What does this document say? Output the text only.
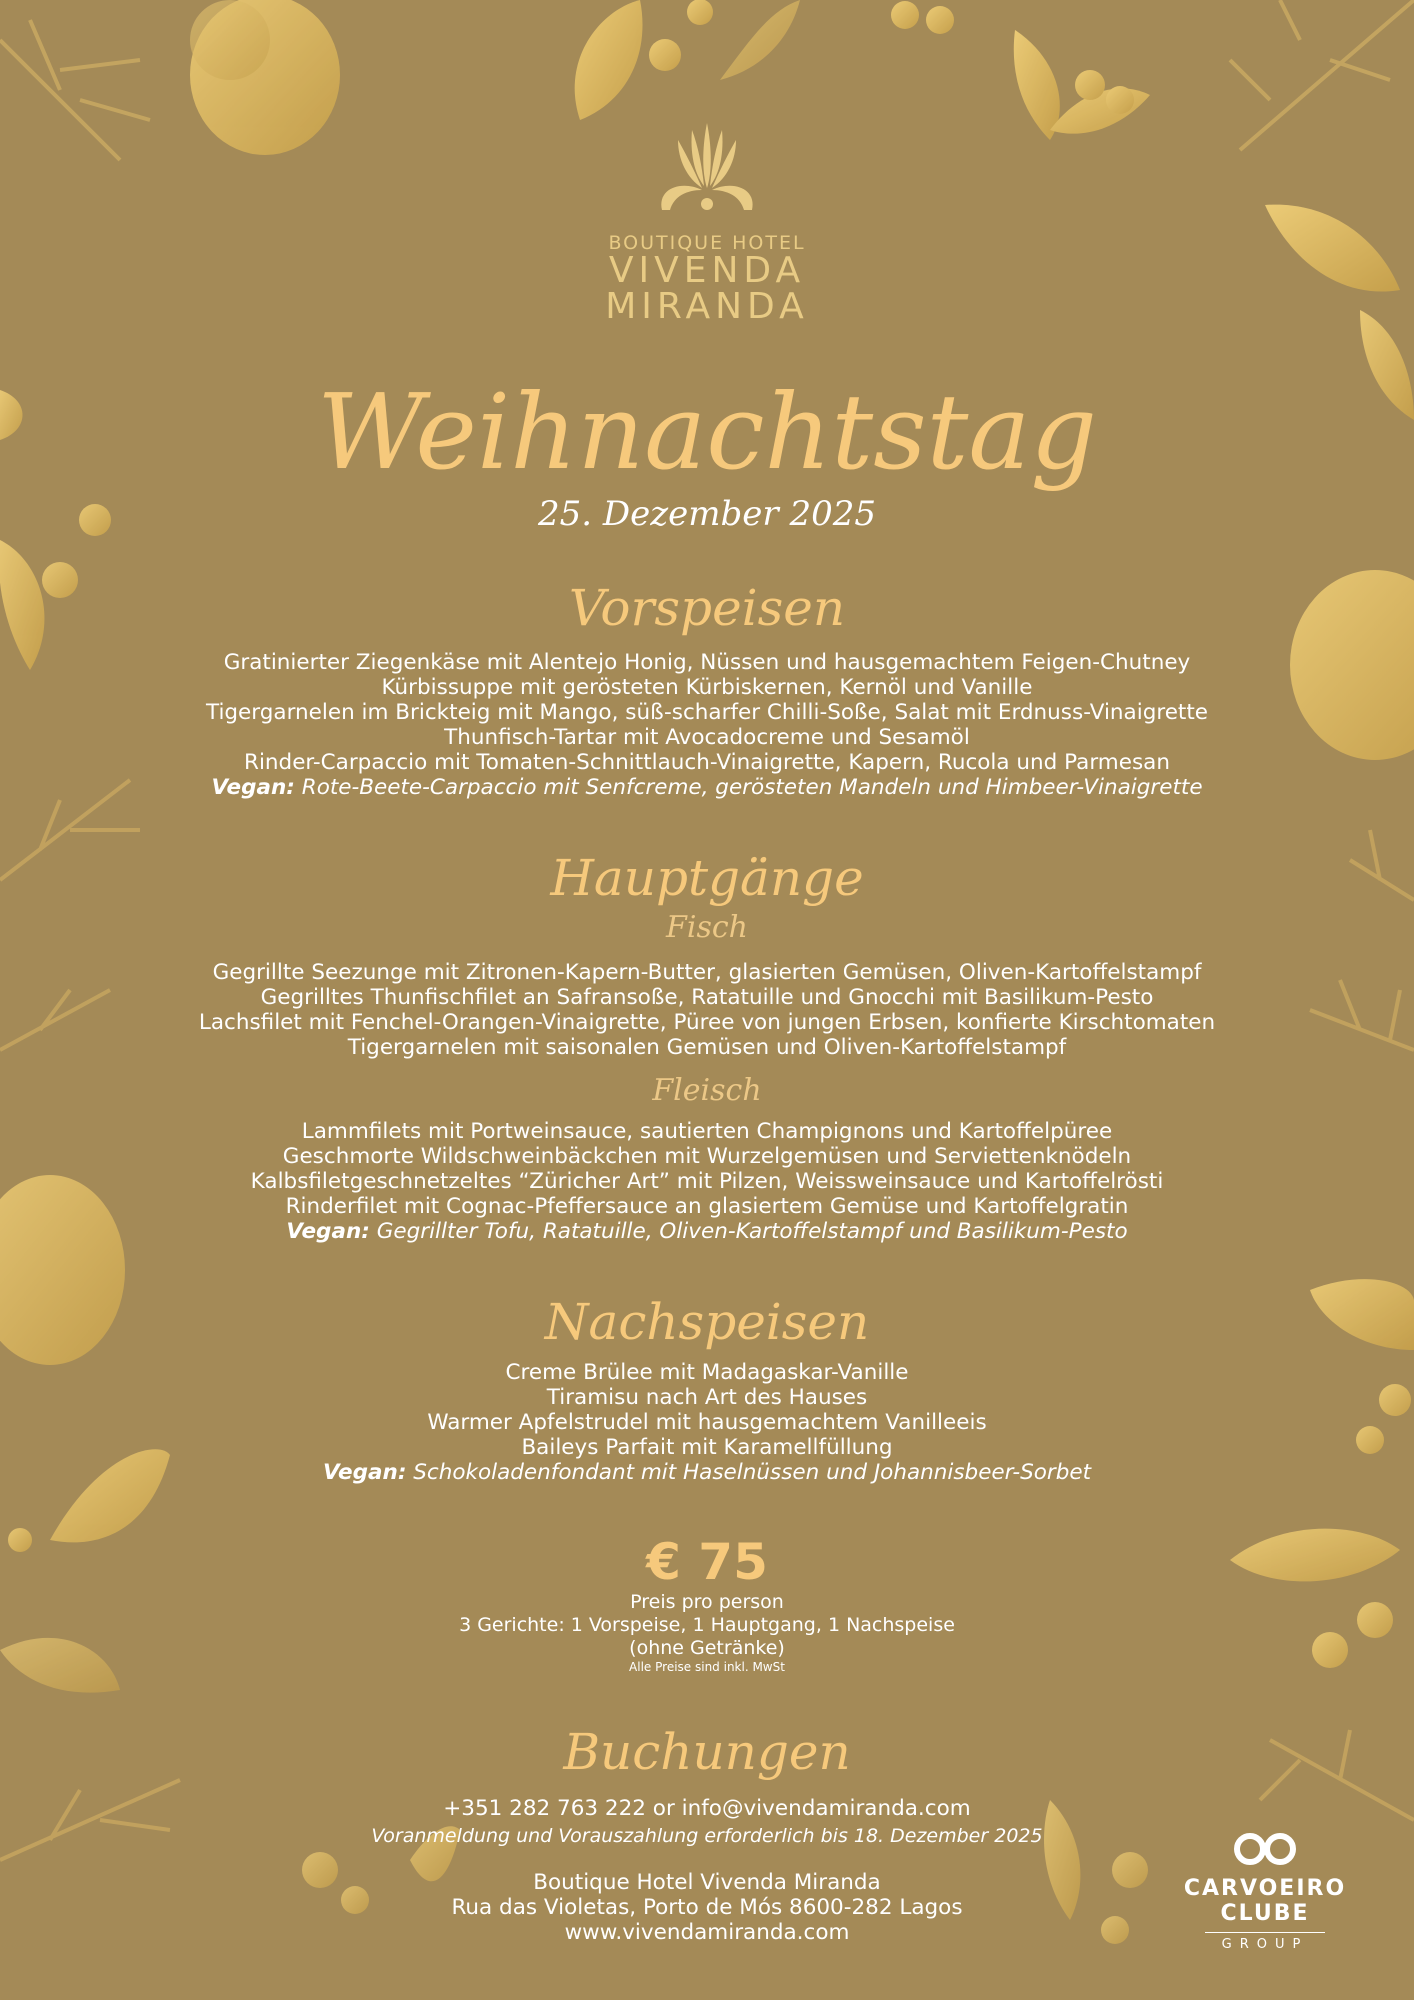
BOUTIQUE HOTEL
VIVENDA
MIRANDA
Weihnachtstag
25. Dezember 2025
Vorspeisen
Gratinierter Ziegenkäse mit Alentejo Honig, Nüssen und hausgemachtem Feigen-Chutney
Kürbissuppe mit gerösteten Kürbiskernen, Kernöl und Vanille
Tigergarnelen im Brickteig mit Mango, süß-scharfer Chilli-Soße, Salat mit Erdnuss-Vinaigrette
Thunfisch-Tartar mit Avocadocreme und Sesamöl
Rinder-Carpaccio mit Tomaten-Schnittlauch-Vinaigrette, Kapern, Rucola und Parmesan
Vegan: Rote-Beete-Carpaccio mit Senfcreme, gerösteten Mandeln und Himbeer-Vinaigrette
Hauptgänge
Fisch
Gegrillte Seezunge mit Zitronen-Kapern-Butter, glasierten Gemüsen, Oliven-Kartoffelstampf
Gegrilltes Thunfischfilet an Safransoße, Ratatuille und Gnocchi mit Basilikum-Pesto
Lachsfilet mit Fenchel-Orangen-Vinaigrette, Püree von jungen Erbsen, konfierte Kirschtomaten
Tigergarnelen mit saisonalen Gemüsen und Oliven-Kartoffelstampf
Fleisch
Lammfilets mit Portweinsauce, sautierten Champignons und Kartoffelpüree
Geschmorte Wildschweinbäckchen mit Wurzelgemüsen und Serviettenknödeln
Kalbsfiletgeschnetzeltes “Züricher Art” mit Pilzen, Weissweinsauce und Kartoffelrösti
Rinderfilet mit Cognac-Pfeffersauce an glasiertem Gemüse und Kartoffelgratin
Vegan: Gegrillter Tofu, Ratatuille, Oliven-Kartoffelstampf und Basilikum-Pesto
Nachspeisen
Creme Brülee mit Madagaskar-Vanille
Tiramisu nach Art des Hauses
Warmer Apfelstrudel mit hausgemachtem Vanilleeis
Baileys Parfait mit Karamellfüllung
Vegan: Schokoladenfondant mit Haselnüssen und Johannisbeer-Sorbet
€ 75
Preis pro person
3 Gerichte: 1 Vorspeise, 1 Hauptgang, 1 Nachspeise
(ohne Getränke)
Alle Preise sind inkl. MwSt
Buchungen
+351 282 763 222 or info@vivendamiranda.com
Voranmeldung und Vorauszahlung erforderlich bis 18. Dezember 2025
Boutique Hotel Vivenda Miranda
Rua das Violetas, Porto de Mós 8600-282 Lagos
www.vivendamiranda.com
CARVOEIRO CLUBE
GROUP
